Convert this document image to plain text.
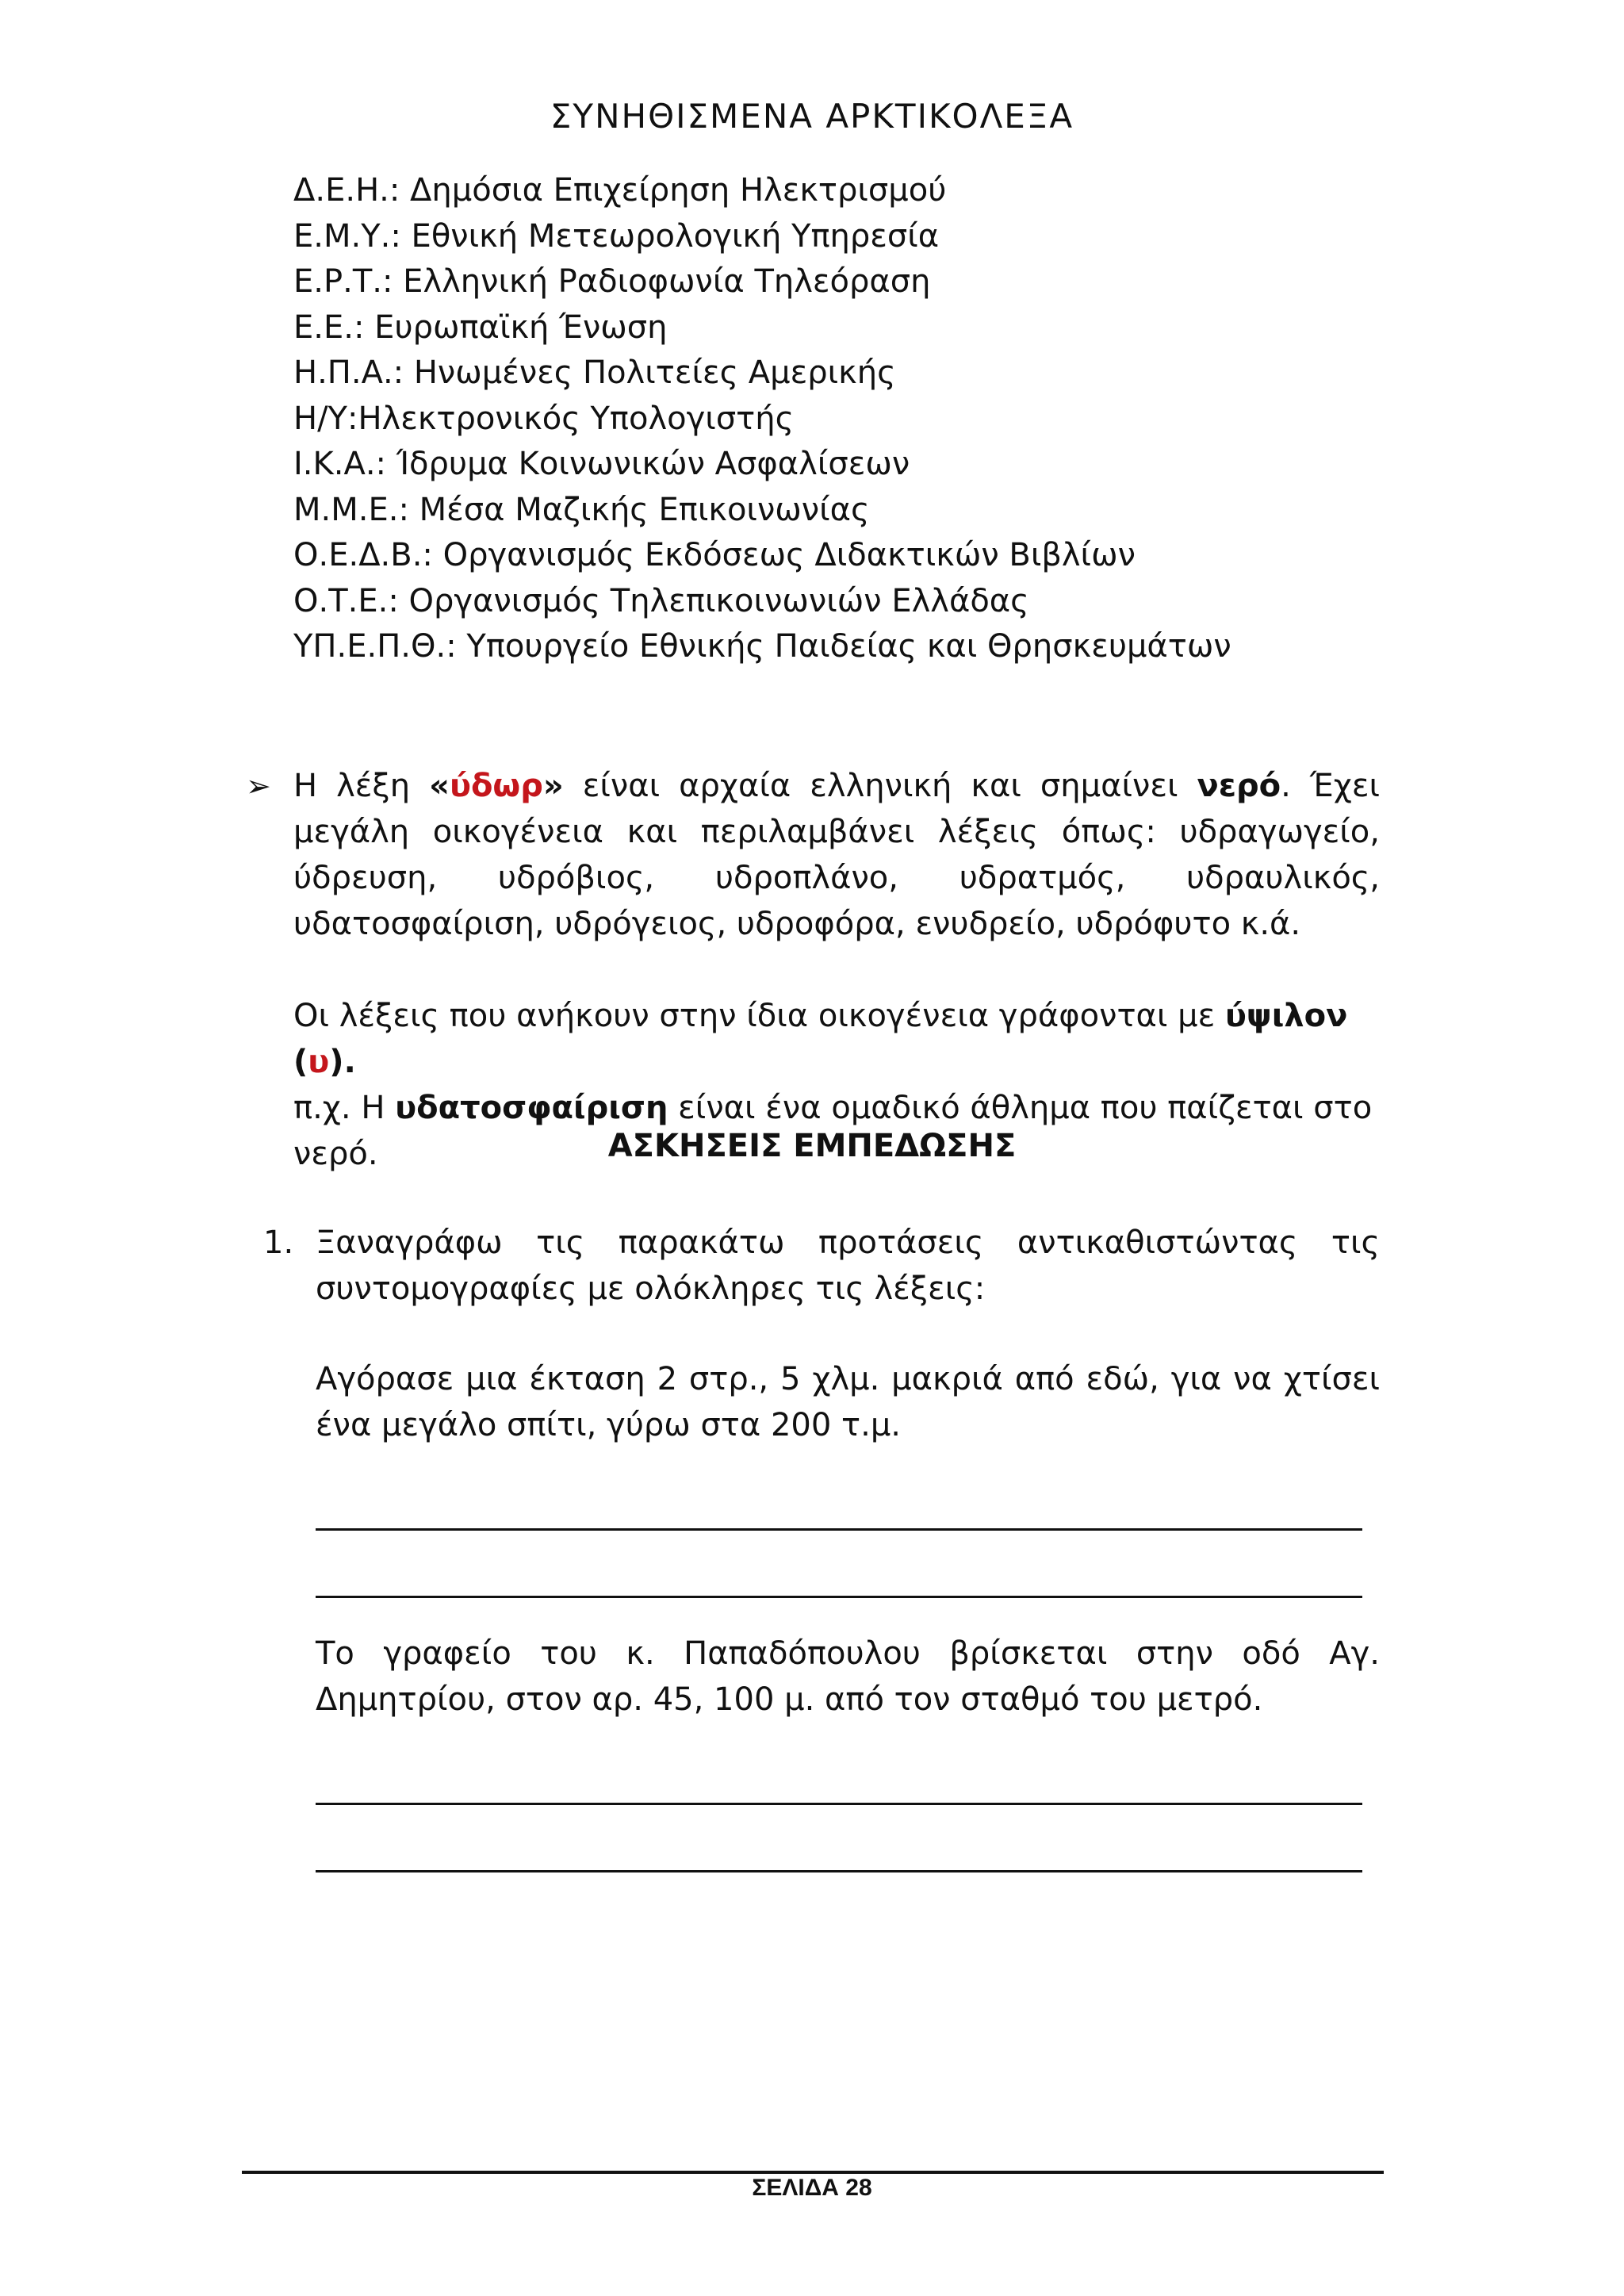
ΣΥΝΗΘΙΣΜΕΝΑ ΑΡΚΤΙΚΟΛΕΞΑ
Δ.Ε.Η.: Δημόσια Επιχείρηση Ηλεκτρισμού
Ε.Μ.Υ.: Εθνική Μετεωρολογική Υπηρεσία
Ε.Ρ.Τ.: Ελληνική Ραδιοφωνία Τηλεόραση
Ε.Ε.: Ευρωπαϊκή Ένωση
Η.Π.Α.: Ηνωμένες Πολιτείες Αμερικής
Η/Υ:Ηλεκτρονικός Υπολογιστής
Ι.Κ.Α.: Ίδρυμα Κοινωνικών Ασφαλίσεων
Μ.Μ.Ε.: Μέσα Μαζικής Επικοινωνίας
Ο.Ε.Δ.Β.: Οργανισμός Εκδόσεως Διδακτικών Βιβλίων
Ο.Τ.Ε.: Οργανισμός Τηλεπικοινωνιών Ελλάδας
ΥΠ.Ε.Π.Θ.: Υπουργείο Εθνικής Παιδείας και Θρησκευμάτων
➢ Η λέξη «ύδωρ» είναι αρχαία ελληνική και σημαίνει νερό. Έχει μεγάλη οικογένεια και περιλαμβάνει λέξεις όπως: υδραγωγείο, ύδρευση, υδρόβιος, υδροπλάνο, υδρατμός, υδραυλικός, υδατοσφαίριση, υδρόγειος, υδροφόρα, ενυδρείο, υδρόφυτο κ.ά.
Οι λέξεις που ανήκουν στην ίδια οικογένεια γράφονται με ύψιλον (υ).
π.χ. Η υδατοσφαίριση είναι ένα ομαδικό άθλημα που παίζεται στο νερό.	ΑΣΚΗΣΕΙΣ ΕΜΠΕΔΩΣΗΣ
1. Ξαναγράφω τις παρακάτω προτάσεις αντικαθιστώντας τις
συντομογραφίες με ολόκληρες τις λέξεις:
Αγόρασε μια έκταση 2 στρ., 5 χλμ. μακριά από εδώ, για να χτίσει ένα μεγάλο σπίτι, γύρω στα 200 τ.μ.
Το γραφείο του κ. Παπαδόπουλου βρίσκεται στην οδό Αγ. Δημητρίου, στον αρ. 45, 100 μ. από τον σταθμό του μετρό.
ΣΕΛΙΔΑ 28
